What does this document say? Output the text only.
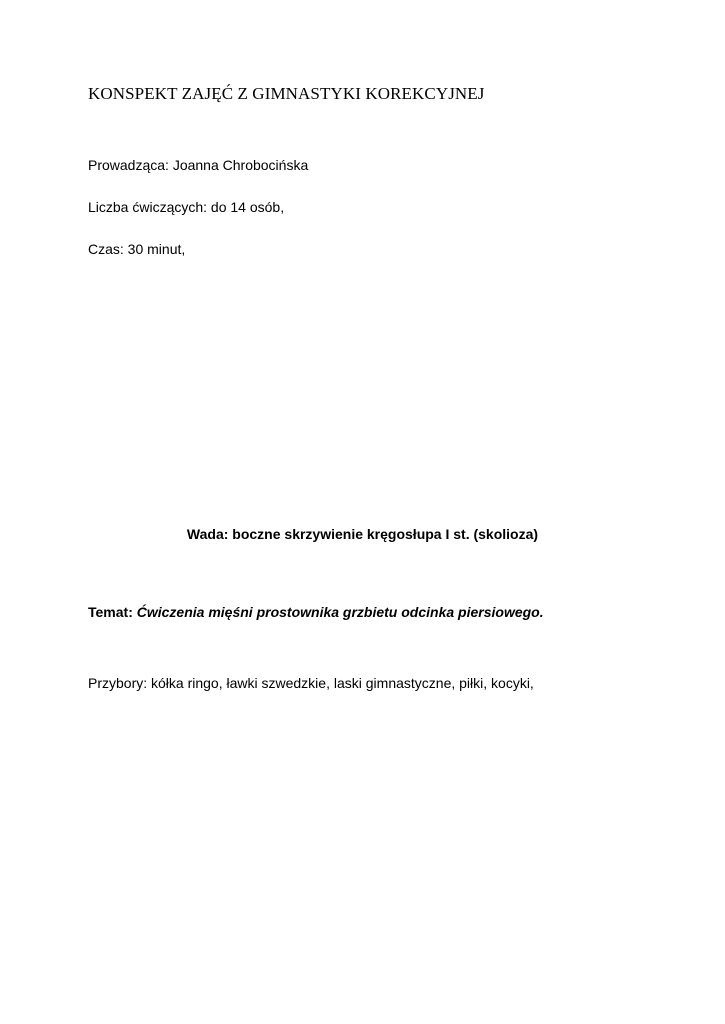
KONSPEKT ZAJĘĆ Z GIMNASTYKI KOREKCYJNEJ
Prowadząca: Joanna Chrobocińska
Liczba ćwiczących: do 14 osób,
Czas: 30 minut,
Wada: boczne skrzywienie kręgosłupa I st. (skolioza)
Temat: Ćwiczenia mięśni prostownika grzbietu odcinka piersiowego.
Przybory: kółka ringo, ławki szwedzkie, laski gimnastyczne, piłki, kocyki,
